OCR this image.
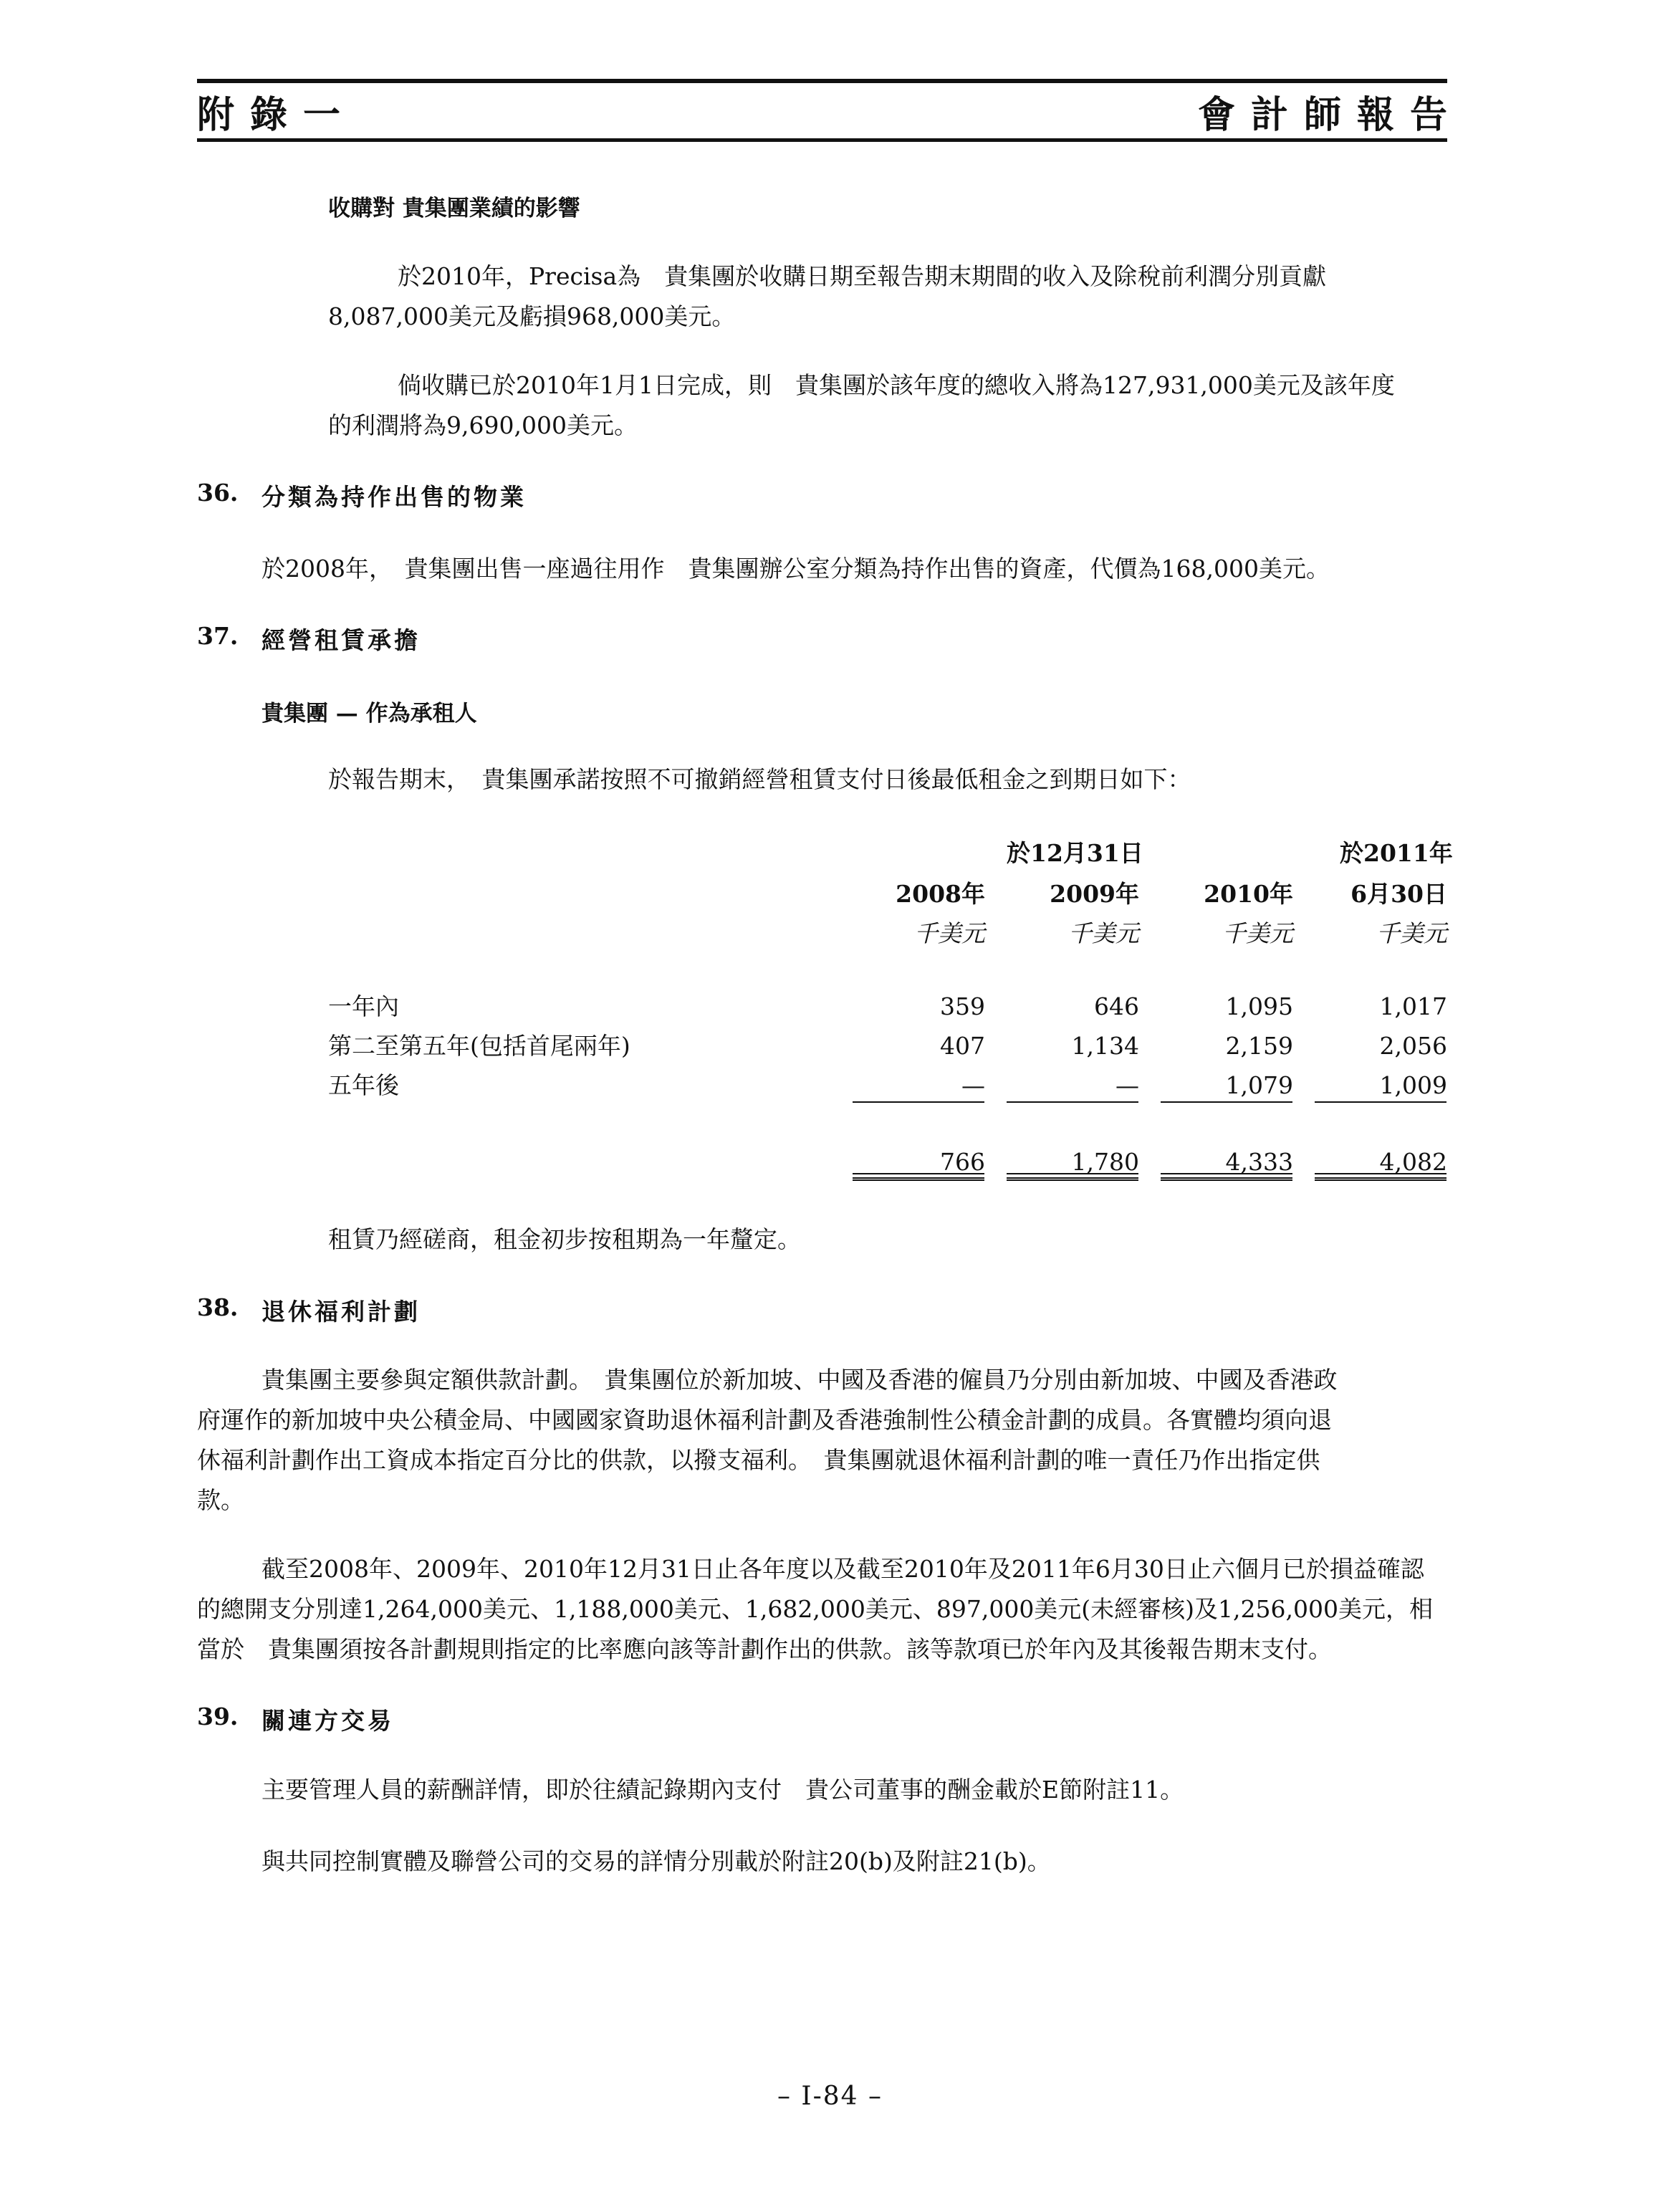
附錄一	會計師報告
收購對 貴集團業績的影響
於2010年，Precisa為　貴集團於收購日期至報告期末期間的收入及除稅前利潤分別貢獻
8,087,000美元及虧損968,000美元。
倘收購已於2010年1月1日完成，則　貴集團於該年度的總收入將為127,931,000美元及該年度
的利潤將為9,690,000美元。
36. 分類為持作出售的物業
於2008年，　貴集團出售一座過往用作　貴集團辦公室分類為持作出售的資產，代價為168,000美元。
37. 經營租賃承擔
貴集團 — 作為承租人
於報告期末，　貴集團承諾按照不可撤銷經營租賃支付日後最低租金之到期日如下：
於12月31日	於2011年
2008年	2009年	2010年	6月30日
千美元	千美元	千美元	千美元
一年內	359	646	1,095	1,017
第二至第五年(包括首尾兩年)	407	1,134	2,159	2,056
五年後	—	—	1,079	1,009
766	1,780	4,333	4,082
租賃乃經磋商，租金初步按租期為一年釐定。
38. 退休福利計劃
貴集團主要參與定額供款計劃。　貴集團位於新加坡、中國及香港的僱員乃分別由新加坡、中國及香港政
府運作的新加坡中央公積金局、中國國家資助退休福利計劃及香港強制性公積金計劃的成員。各實體均須向退
休福利計劃作出工資成本指定百分比的供款，以撥支福利。　貴集團就退休福利計劃的唯一責任乃作出指定供
款。
截至2008年、2009年、2010年12月31日止各年度以及截至2010年及2011年6月30日止六個月已於損益確認
的總開支分別達1,264,000美元、1,188,000美元、1,682,000美元、897,000美元(未經審核)及1,256,000美元，相
當於　貴集團須按各計劃規則指定的比率應向該等計劃作出的供款。該等款項已於年內及其後報告期末支付。
39. 關連方交易
主要管理人員的薪酬詳情，即於往績記錄期內支付　貴公司董事的酬金載於E節附註11。
與共同控制實體及聯營公司的交易的詳情分別載於附註20(b)及附註21(b)。
– I-84 –
